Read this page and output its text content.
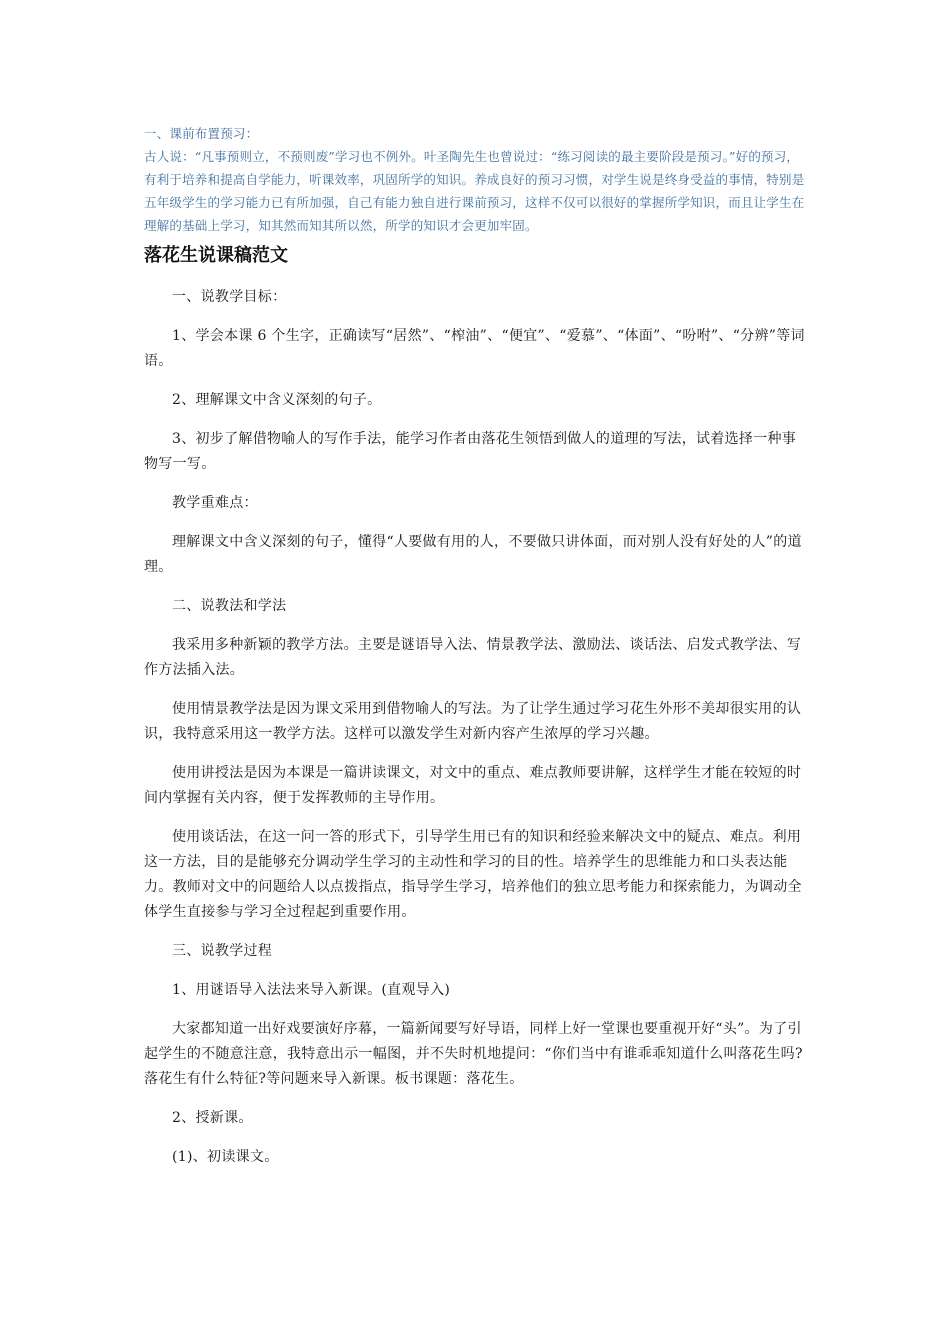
一、课前布置预习：

古人说：“凡事预则立，不预则废”学习也不例外。叶圣陶先生也曾说过：“练习阅读的最主要阶段是预习。”好的预习，有利于培养和提高自学能力，听课效率，巩固所学的知识。养成良好的预习习惯，对学生说是终身受益的事情，特别是五年级学生的学习能力已有所加强，自己有能力独自进行课前预习，这样不仅可以很好的掌握所学知识，而且让学生在理解的基础上学习，知其然而知其所以然，所学的知识才会更加牢固。

落花生说课稿范文

一、说教学目标：

1、学会本课 6 个生字，正确读写“居然”、“榨油”、“便宜”、“爱慕”、“体面”、“吩咐”、“分辨”等词语。

2、理解课文中含义深刻的句子。

3、初步了解借物喻人的写作手法，能学习作者由落花生领悟到做人的道理的写法，试着选择一种事物写一写。

教学重难点：

理解课文中含义深刻的句子，懂得“人要做有用的人，不要做只讲体面，而对别人没有好处的人”的道理。

二、说教法和学法

我采用多种新颖的教学方法。主要是谜语导入法、情景教学法、激励法、谈话法、启发式教学法、写作方法插入法。

使用情景教学法是因为课文采用到借物喻人的写法。为了让学生通过学习花生外形不美却很实用的认识，我特意采用这一教学方法。这样可以激发学生对新内容产生浓厚的学习兴趣。

使用讲授法是因为本课是一篇讲读课文，对文中的重点、难点教师要讲解，这样学生才能在较短的时间内掌握有关内容，便于发挥教师的主导作用。

使用谈话法，在这一问一答的形式下，引导学生用已有的知识和经验来解决文中的疑点、难点。利用这一方法，目的是能够充分调动学生学习的主动性和学习的目的性。培养学生的思维能力和口头表达能力。教师对文中的问题给人以点拨指点，指导学生学习，培养他们的独立思考能力和探索能力，为调动全体学生直接参与学习全过程起到重要作用。

三、说教学过程

1、用谜语导入法法来导入新课。(直观导入)

大家都知道一出好戏要演好序幕，一篇新闻要写好导语，同样上好一堂课也要重视开好“头”。为了引起学生的不随意注意，我特意出示一幅图，并不失时机地提问：“你们当中有谁乖乖知道什么叫落花生吗?落花生有什么特征?等问题来导入新课。板书课题：落花生。

2、授新课。

(1)、初读课文。
